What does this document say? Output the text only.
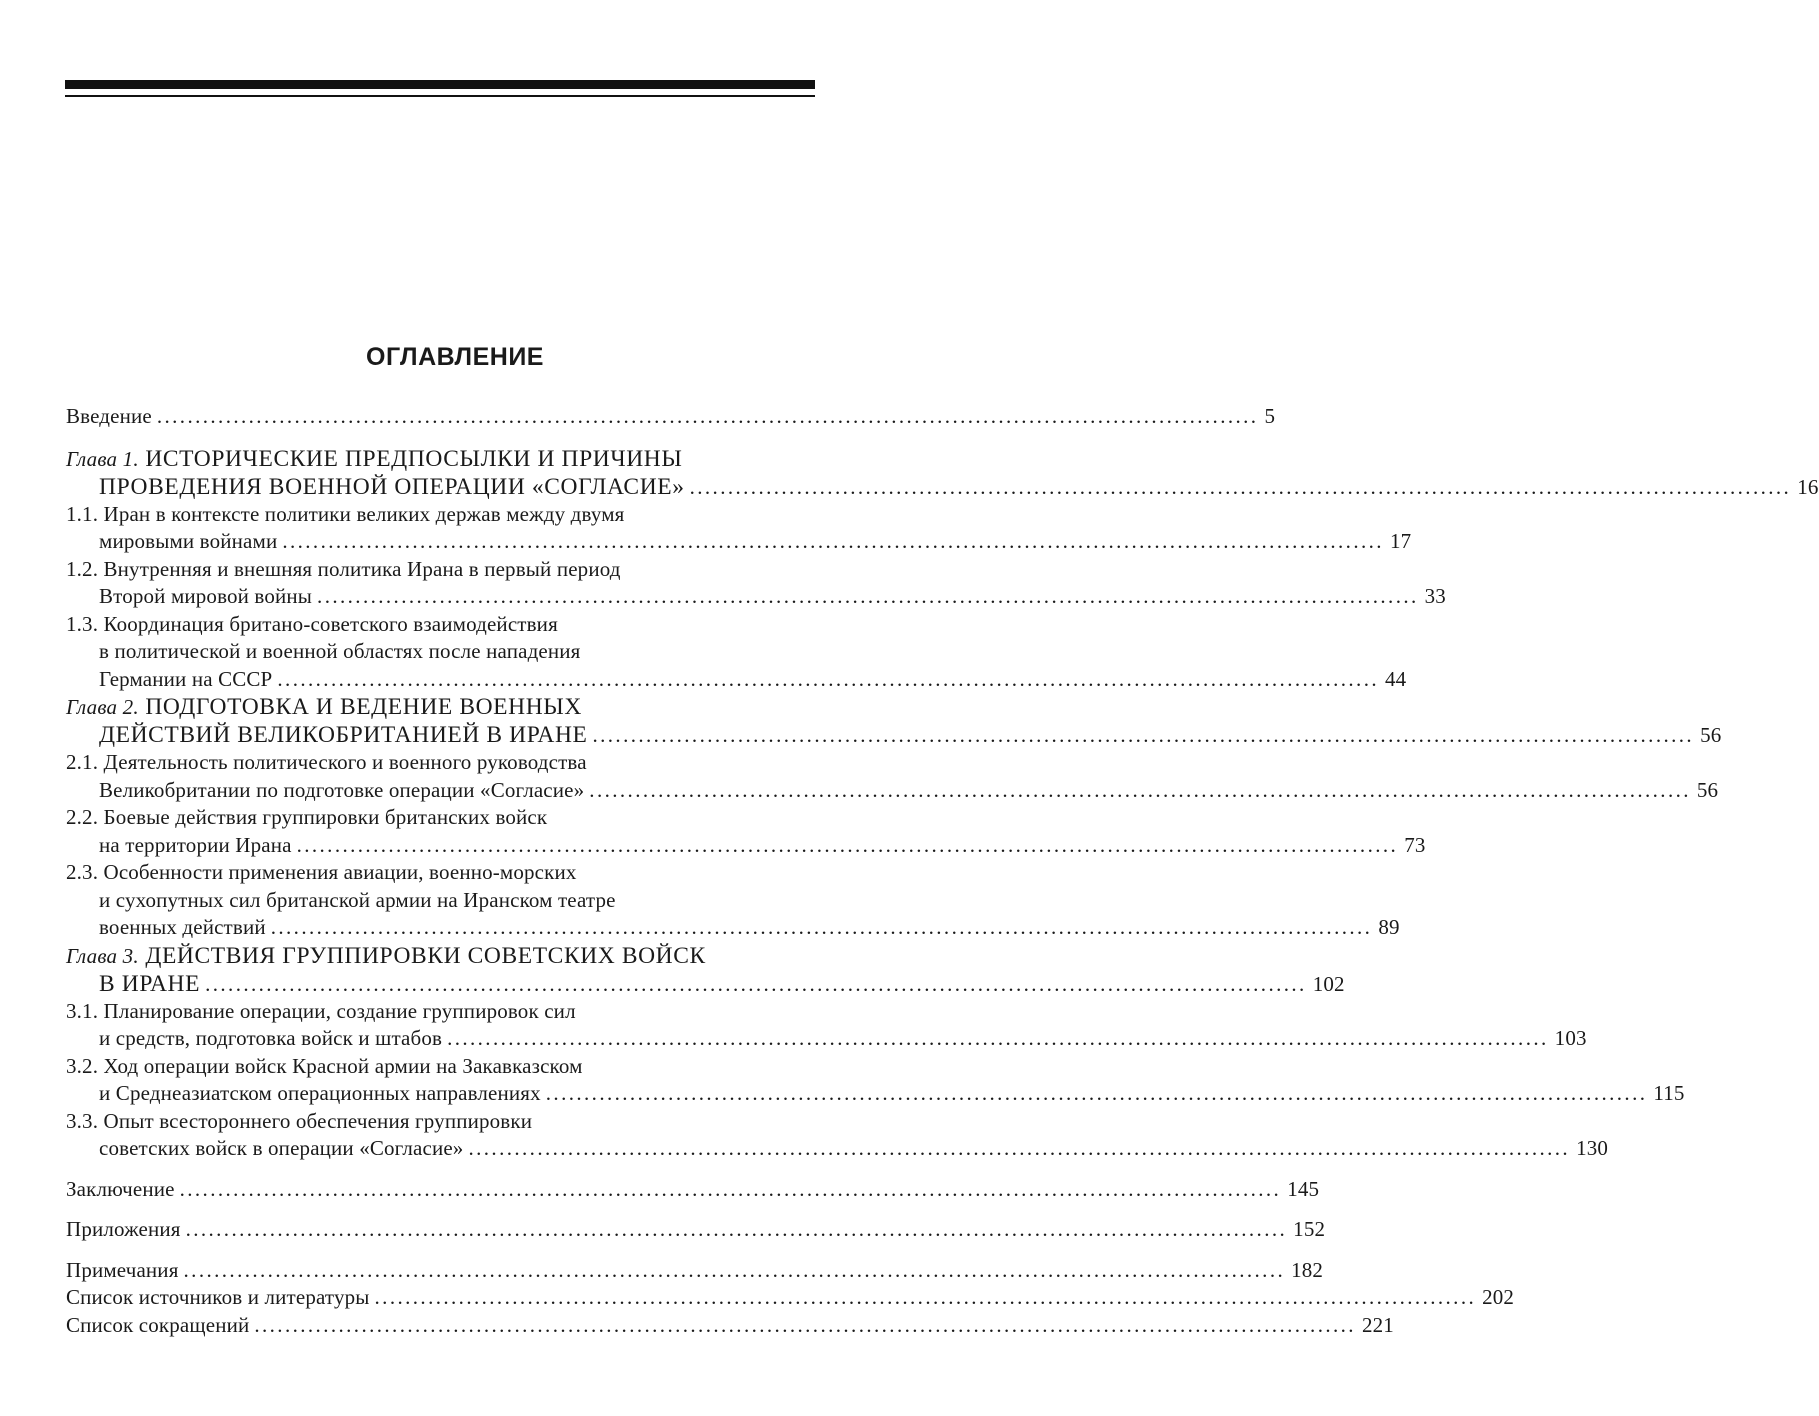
ОГЛАВЛЕНИЕ
Введение ................................................................................................................................................ 5
Глава 1. ИСТОРИЧЕСКИЕ ПРЕДПОСЫЛКИ И ПРИЧИНЫ
ПРОВЕДЕНИЯ ВОЕННОЙ ОПЕРАЦИИ «СОГЛАСИЕ» ................................................................................................................................................ 16
1.1. Иран в контексте политики великих держав между двумя
мировыми войнами ................................................................................................................................................ 17
1.2. Внутренняя и внешняя политика Ирана в первый период
Второй мировой войны ................................................................................................................................................ 33
1.3. Координация британо-советского взаимодействия
в политической и военной областях после нападения
Германии на СССР ................................................................................................................................................ 44
Глава 2. ПОДГОТОВКА И ВЕДЕНИЕ ВОЕННЫХ
ДЕЙСТВИЙ ВЕЛИКОБРИТАНИЕЙ В ИРАНЕ ................................................................................................................................................ 56
2.1. Деятельность политического и военного руководства
Великобритании по подготовке операции «Согласие» ................................................................................................................................................ 56
2.2. Боевые действия группировки британских войск
на территории Ирана ................................................................................................................................................ 73
2.3. Особенности применения авиации, военно-морских
и сухопутных сил британской армии на Иранском театре
военных действий ................................................................................................................................................ 89
Глава 3. ДЕЙСТВИЯ ГРУППИРОВКИ СОВЕТСКИХ ВОЙСК
В ИРАНЕ ................................................................................................................................................ 102
3.1. Планирование операции, создание группировок сил
и средств, подготовка войск и штабов ................................................................................................................................................ 103
3.2. Ход операции войск Красной армии на Закавказском
и Среднеазиатском операционных направлениях ................................................................................................................................................ 115
3.3. Опыт всестороннего обеспечения группировки
советских войск в операции «Согласие» ................................................................................................................................................ 130
Заключение ................................................................................................................................................ 145
Приложения ................................................................................................................................................ 152
Примечания ................................................................................................................................................ 182
Список источников и литературы ................................................................................................................................................ 202
Список сокращений ................................................................................................................................................ 221
